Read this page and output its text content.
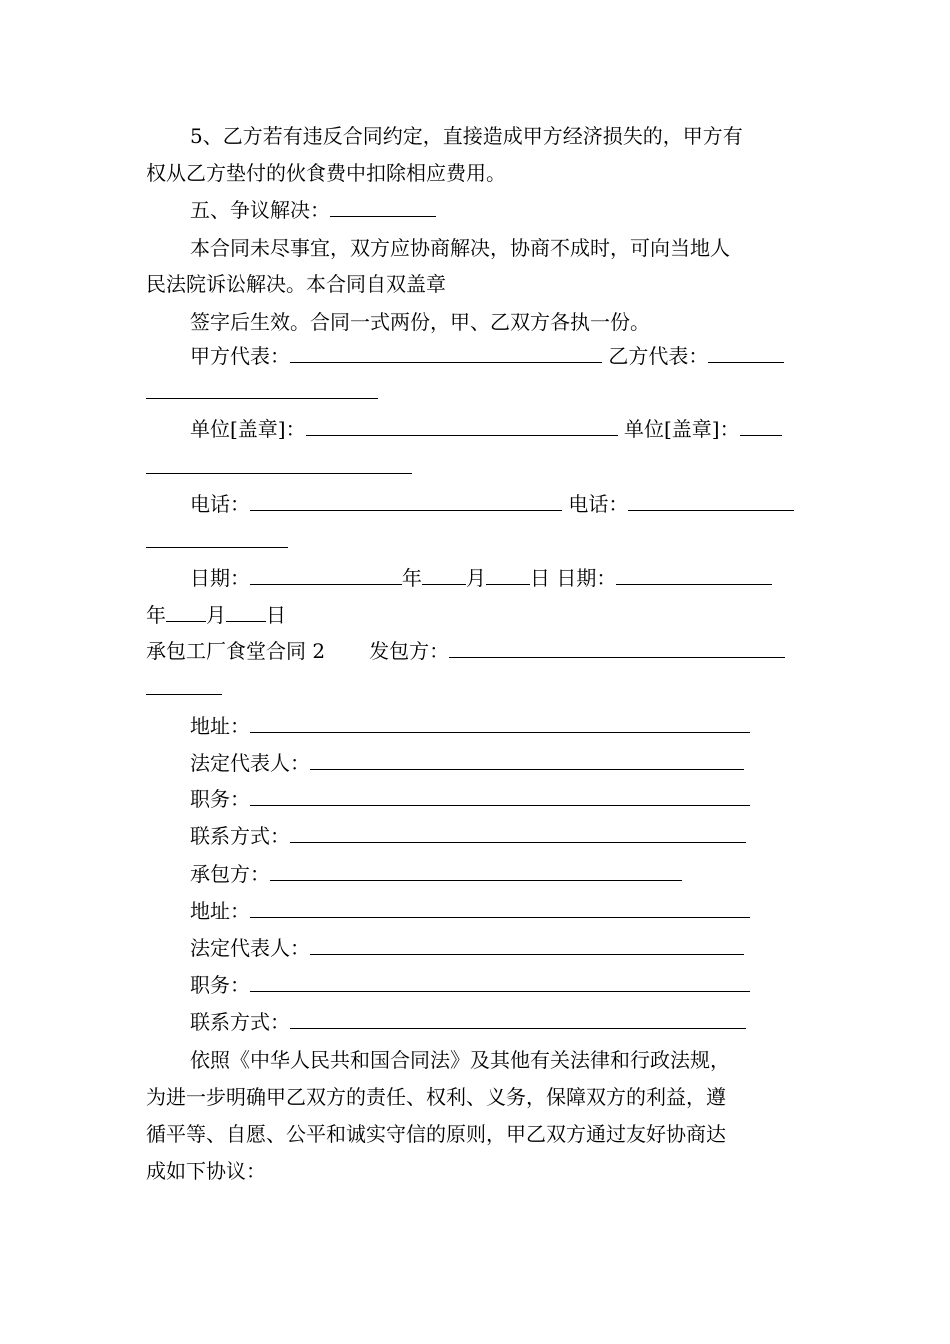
5、乙方若有违反合同约定，直接造成甲方经济损失的，甲方有
权从乙方垫付的伙食费中扣除相应费用。
五、争议解决：
本合同未尽事宜，双方应协商解决，协商不成时，可向当地人
民法院诉讼解决。本合同自双盖章
签字后生效。合同一式两份，甲、乙双方各执一份。
甲方代表：	乙方代表：
单位[盖章]：	单位[盖章]：
电话：	电话：
日期：	年 月 日 日期：
年 月 日
承包工厂食堂合同 2 发包方：
地址：
法定代表人：
职务：
联系方式：
承包方：
地址：
法定代表人：
职务：
联系方式：
依照《中华人民共和国合同法》及其他有关法律和行政法规，
为进一步明确甲乙双方的责任、权利、义务，保障双方的利益，遵
循平等、自愿、公平和诚实守信的原则，甲乙双方通过友好协商达
成如下协议：
